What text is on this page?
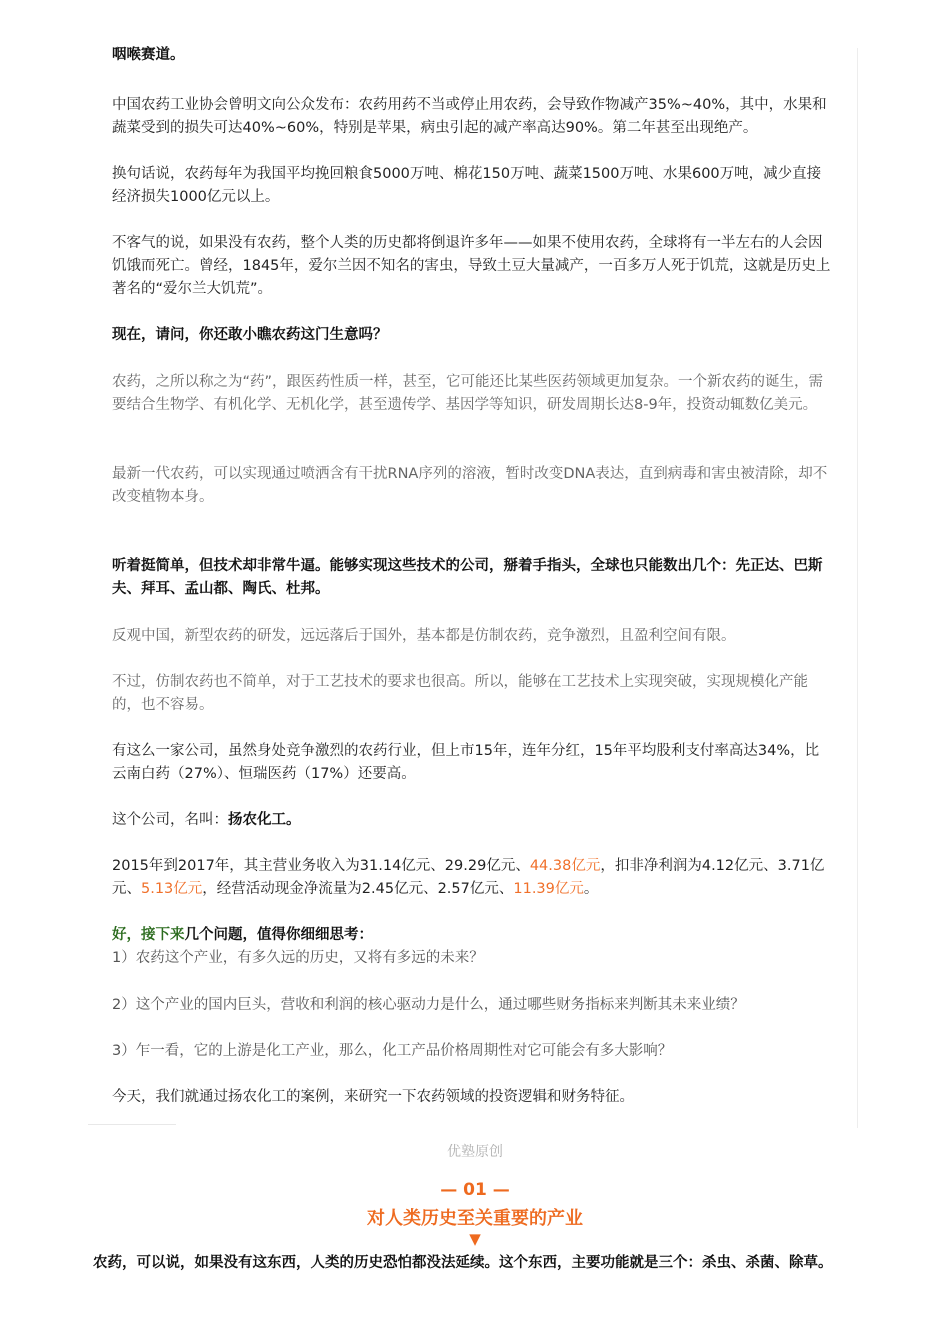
咽喉赛道。

中国农药工业协会曾明文向公众发布：农药用药不当或停止用农药，会导致作物减产35%~40%，其中，水果和蔬菜受到的损失可达40%~60%，特别是苹果，病虫引起的减产率高达90%。第二年甚至出现绝产。

换句话说，农药每年为我国平均挽回粮食5000万吨、棉花150万吨、蔬菜1500万吨、水果600万吨，减少直接经济损失1000亿元以上。

不客气的说，如果没有农药，整个人类的历史都将倒退许多年——如果不使用农药，全球将有一半左右的人会因饥饿而死亡。曾经，1845年，爱尔兰因不知名的害虫，导致土豆大量减产，一百多万人死于饥荒，这就是历史上著名的“爱尔兰大饥荒”。

现在，请问，你还敢小瞧农药这门生意吗？

农药，之所以称之为“药”，跟医药性质一样，甚至，它可能还比某些医药领域更加复杂。一个新农药的诞生，需要结合生物学、有机化学、无机化学，甚至遗传学、基因学等知识，研发周期长达8-9年，投资动辄数亿美元。

最新一代农药，可以实现通过喷洒含有干扰RNA序列的溶液，暂时改变DNA表达，直到病毒和害虫被清除，却不改变植物本身。

听着挺简单，但技术却非常牛逼。能够实现这些技术的公司，掰着手指头，全球也只能数出几个：先正达、巴斯夫、拜耳、孟山都、陶氏、杜邦。

反观中国，新型农药的研发，远远落后于国外，基本都是仿制农药，竞争激烈，且盈利空间有限。

不过，仿制农药也不简单，对于工艺技术的要求也很高。所以，能够在工艺技术上实现突破，实现规模化产能的，也不容易。

有这么一家公司，虽然身处竞争激烈的农药行业，但上市15年，连年分红，15年平均股利支付率高达34%，比云南白药（27%）、恒瑞医药（17%）还要高。

这个公司，名叫：扬农化工。

2015年到2017年，其主营业务收入为31.14亿元、29.29亿元、44.38亿元，扣非净利润为4.12亿元、3.71亿元、5.13亿元，经营活动现金净流量为2.45亿元、2.57亿元、11.39亿元。

好，接下来几个问题，值得你细细思考：

1）农药这个产业，有多久远的历史，又将有多远的未来？

2）这个产业的国内巨头，营收和利润的核心驱动力是什么，通过哪些财务指标来判断其未来业绩？

3）乍一看，它的上游是化工产业，那么，化工产品价格周期性对它可能会有多大影响？

今天，我们就通过扬农化工的案例，来研究一下农药领域的投资逻辑和财务特征。

优塾原创
— 01 —
对人类历史至关重要的产业
▼
农药，可以说，如果没有这东西，人类的历史恐怕都没法延续。这个东西，主要功能就是三个：杀虫、杀菌、除草。
